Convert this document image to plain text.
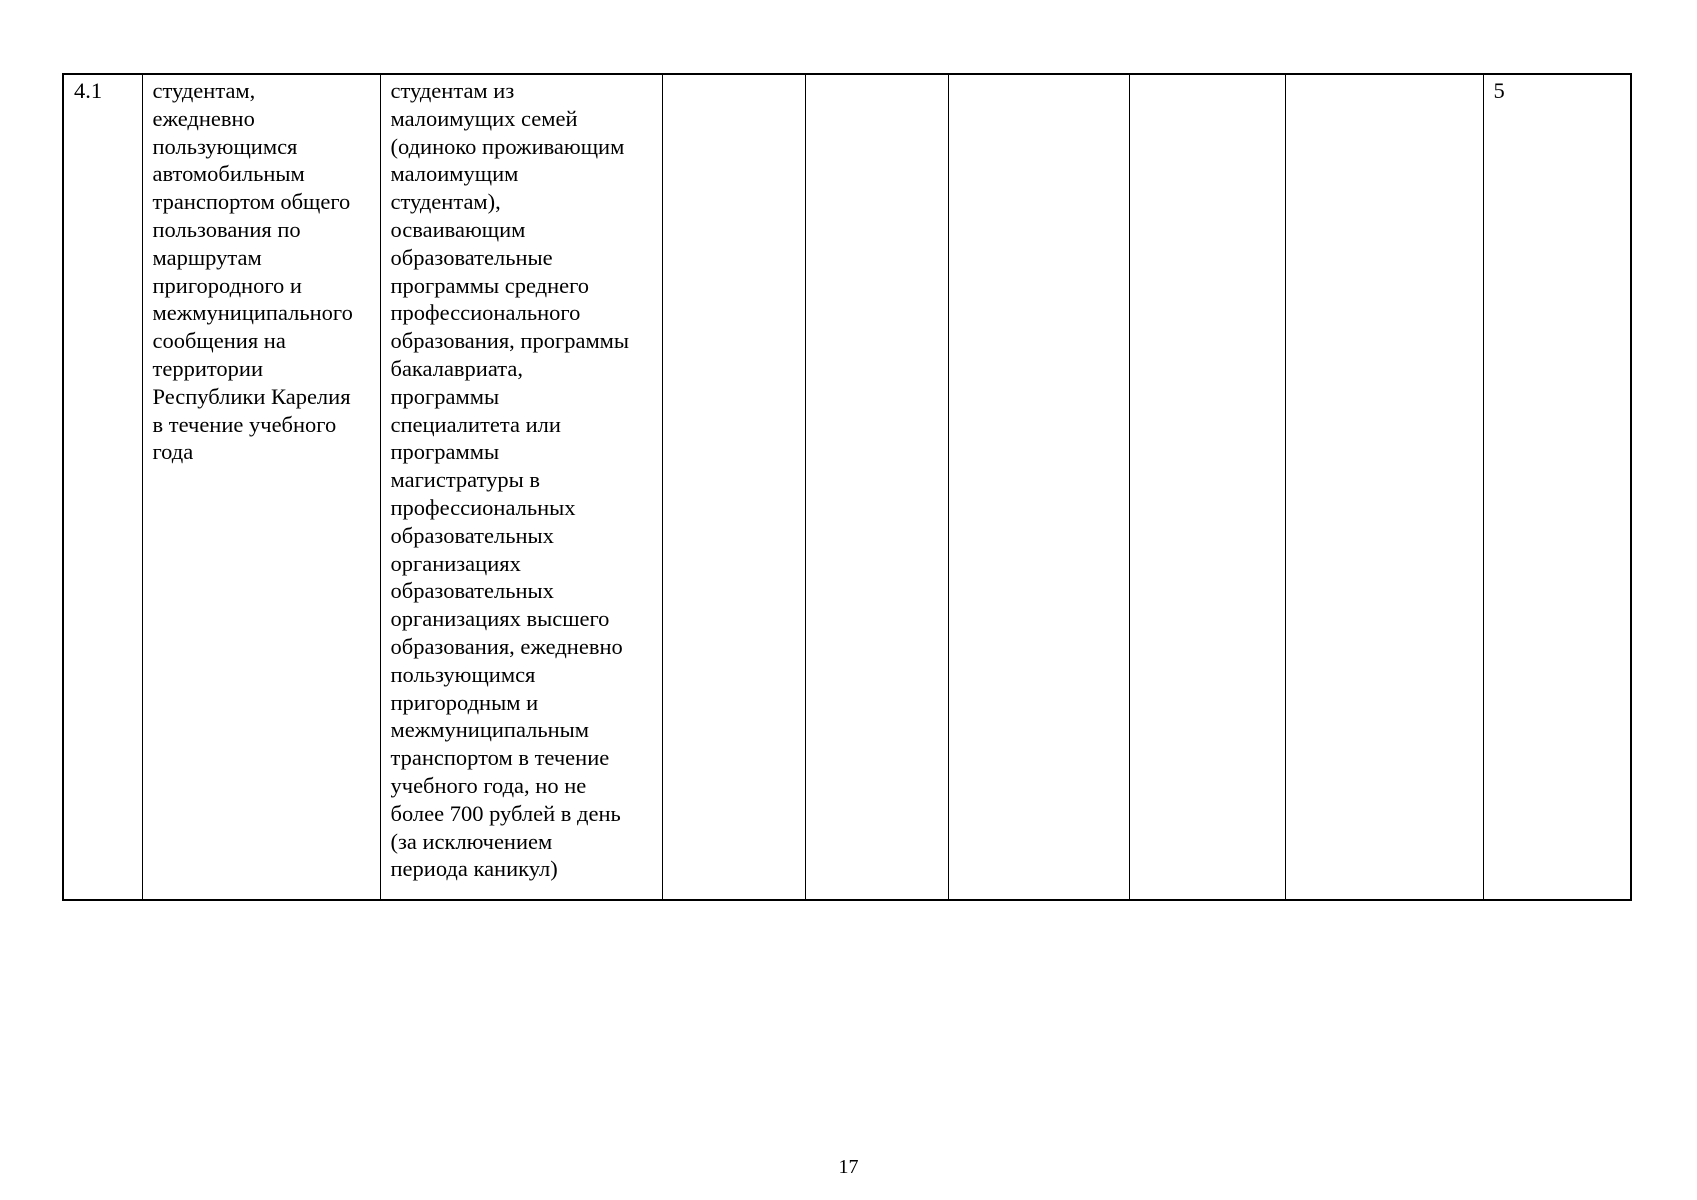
4.1	студентам,
ежедневно
пользующимся
автомобильным
транспортом общего
пользования по
маршрутам
пригородного и
межмуниципального
сообщения на
территории
Республики Карелия
в течение учебного
года	студентам из
малоимущих семей
(одиноко проживающим
малоимущим
студентам),
осваивающим
образовательные
программы среднего
профессионального
образования, программы
бакалавриата,
программы
специалитета или
программы
магистратуры в
профессиональных
образовательных
организациях
образовательных
организациях высшего
образования, ежедневно
пользующимся
пригородным и
межмуниципальным
транспортом в течение
учебного года, но не
более 700 рублей в день
(за исключением
периода каникул)						5
17
